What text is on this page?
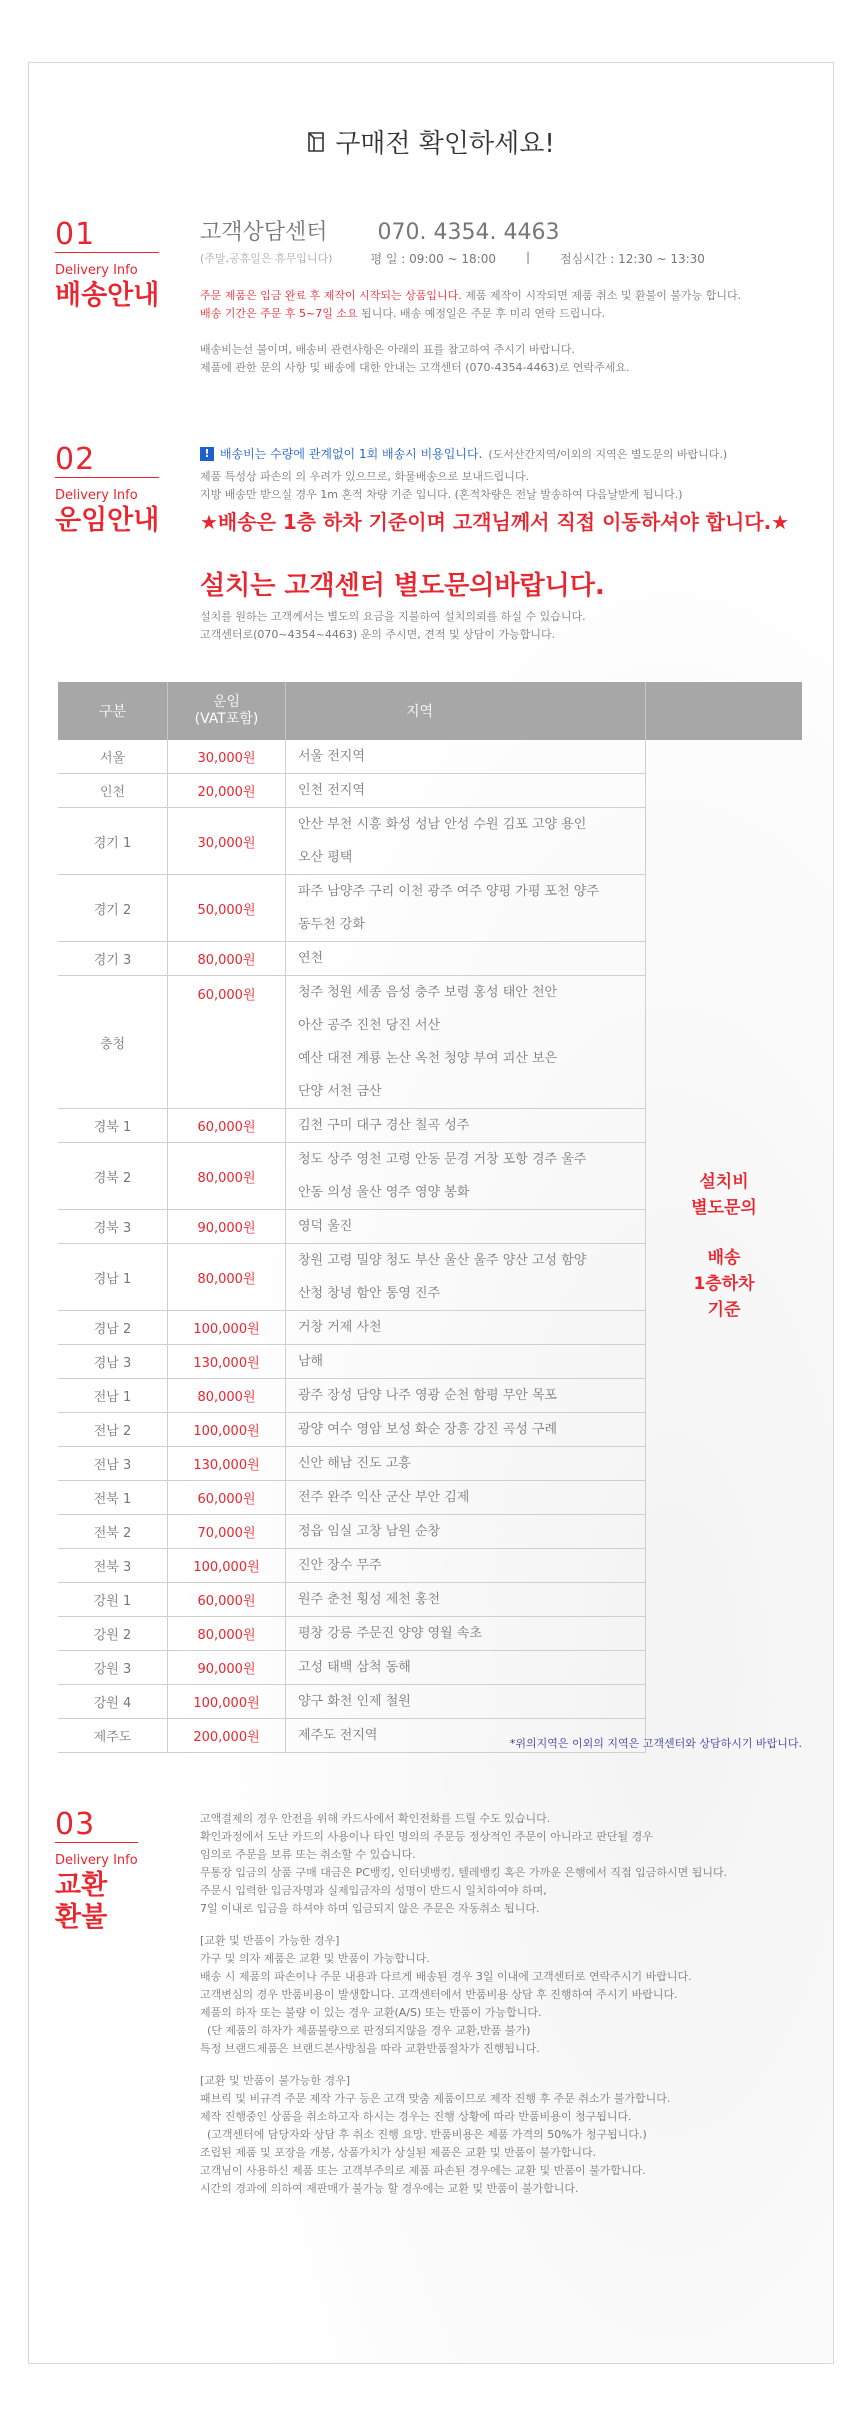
구매전 확인하세요!
01
Delivery Info
배송안내
고객상담센터 070. 4354. 4463
(주말,공휴일은 휴무입니다)	평 일 : 09:00 ~ 18:00	|	점심시간 : 12:30 ~ 13:30
주문 제품은 입금 완료 후 제작이 시작되는 상품입니다. 제품 제작이 시작되면 제품 취소 및 환불이 불가능 합니다.
배송 기간은 주문 후 5~7일 소요 됩니다. 배송 예정일은 주문 후 미리 연락 드립니다.
배송비는선 불이며, 배송비 관련사항은 아래의 표를 참고하여 주시기 바랍니다.
제품에 관한 문의 사항 및 배송에 대한 안내는 고객센터 (070-4354-4463)로 연락주세요.
02
Delivery Info
운임안내
! 배송비는 수량에 관계없이 1회 배송시 비용입니다. (도서산간지역/이외의 지역은 별도문의 바랍니다.)
제품 특성상 파손의 의 우려가 있으므로, 화물배송으로 보내드립니다.
지방 배송만 받으실 경우 1m 혼적 차량 기준 입니다. (혼적차량은 전날 발송하여 다음날받게 됩니다.)
★배송은 1층 하차 기준이며 고객님께서 직접 이동하셔야 합니다.★
설치는 고객센터 별도문의바랍니다.
설치를 원하는 고객께서는 별도의 요금을 지불하여 설치의뢰를 하실 수 있습니다.
고객센터로(070~4354~4463) 운의 주시면, 견적 및 상담이 가능합니다.
구분	운임
(VAT포함)	지역	
서울	30,000원	서울 전지역	설치비
별도문의
배송
1층하차
기준

인천	20,000원	인천 전지역	
경기 1	30,000원	안산 부천 시흥 화성 성남 안성 수원 김포 고양 용인
오산 평택	
경기 2	50,000원	파주 남양주 구리 이천 광주 여주 양평 가평 포천 양주
동두천 강화	
경기 3	80,000원	연천	
충청	60,000원	청주 청원 세종 음성 충주 보령 홍성 태안 천안
아산 공주 진천 당진 서산
예산 대전 계룡 논산 옥천 청양 부여 괴산 보은
단양 서천 금산	
경북 1	60,000원	김천 구미 대구 경산 칠곡 성주	
경북 2	80,000원	청도 상주 영천 고령 안동 문경 거창 포항 경주 울주
안동 의성 울산 영주 영양 봉화	
경북 3	90,000원	영덕 울진	
경남 1	80,000원	창원 고령 밀양 청도 부산 울산 울주 양산 고성 함양
산청 창녕 함안 통영 진주	
경남 2	100,000원	거창 거제 사천	
경남 3	130,000원	남해	
전남 1	80,000원	광주 장성 담양 나주 영광 순천 함평 무안 목포	
전남 2	100,000원	광양 여수 영암 보성 화순 장흥 강진 곡성 구례	
전남 3	130,000원	신안 해남 진도 고흥	
전북 1	60,000원	전주 완주 익산 군산 부안 김제	
전북 2	70,000원	정읍 임실 고창 남원 순창	
전북 3	100,000원	진안 장수 무주	
강원 1	60,000원	원주 춘천 횡성 제천 홍천	
강원 2	80,000원	평창 강릉 주문진 양양 영월 속초	
강원 3	90,000원	고성 태백 삼척 동해	
강원 4	100,000원	양구 화천 인제 철원	
제주도	200,000원	제주도 전지역	
*위의지역은 이외의 지역은 고객센터와 상담하시기 바랍니다.
03
Delivery Info
교환
환불
고액결제의 경우 안전을 위해 카드사에서 확인전화를 드릴 수도 있습니다.
확인과정에서 도난 카드의 사용이나 타인 명의의 주문등 정상적인 주문이 아니라고 판단될 경우
임의로 주문을 보류 또는 취소할 수 있습니다.
무통장 입금의 상품 구매 대금은 PC뱅킹, 인터넷뱅킹, 텔레뱅킹 혹은 가까운 은행에서 직접 입금하시면 됩니다.
주문시 입력한 입금자명과 실제입금자의 성명이 반드시 일치하여야 하며,
7일 이내로 입금을 하셔야 하며 입금되지 않은 주문은 자동취소 됩니다.
[교환 및 반품이 가능한 경우]
가구 및 의자 제품은 교환 및 반품이 가능합니다.
배송 시 제품의 파손이나 주문 내용과 다르게 배송된 경우 3일 이내에 고객센터로 연락주시기 바랍니다.
고객변심의 경우 반품비용이 발생합니다. 고객센터에서 반품비용 상담 후 진행하여 주시기 바랍니다.
제품의 하자 또는 불량 이 있는 경우 교환(A/S) 또는 반품이 가능합니다.
(단 제품의 하자가 제품불량으로 판정되지않을 경우 교환,반품 불가)
특정 브랜드제품은 브랜드본사방침을 따라 교환반품절차가 진행됩니다.
[교환 및 반품이 불가능한 경우]
패브릭 및 비규격 주문 제작 가구 등은 고객 맞춤 제품이므로 제작 진행 후 주문 취소가 불가합니다.
제작 진행중인 상품을 취소하고자 하시는 경우는 진행 상황에 따라 반품비용이 청구됩니다.
(고객센터에 담당자와 상담 후 취소 진행 요망. 반품비용은 제품 가격의 50%가 청구됩니다.)
조립된 제품 및 포장을 개봉, 상품가치가 상실된 제품은 교환 및 반품이 불가합니다.
고객님이 사용하신 제품 또는 고객부주의로 제품 파손된 경우에는 교환 및 반품이 불가합니다.
시간의 경과에 의하여 재판매가 불가능 할 경우에는 교환 및 반품이 불가합니다.
